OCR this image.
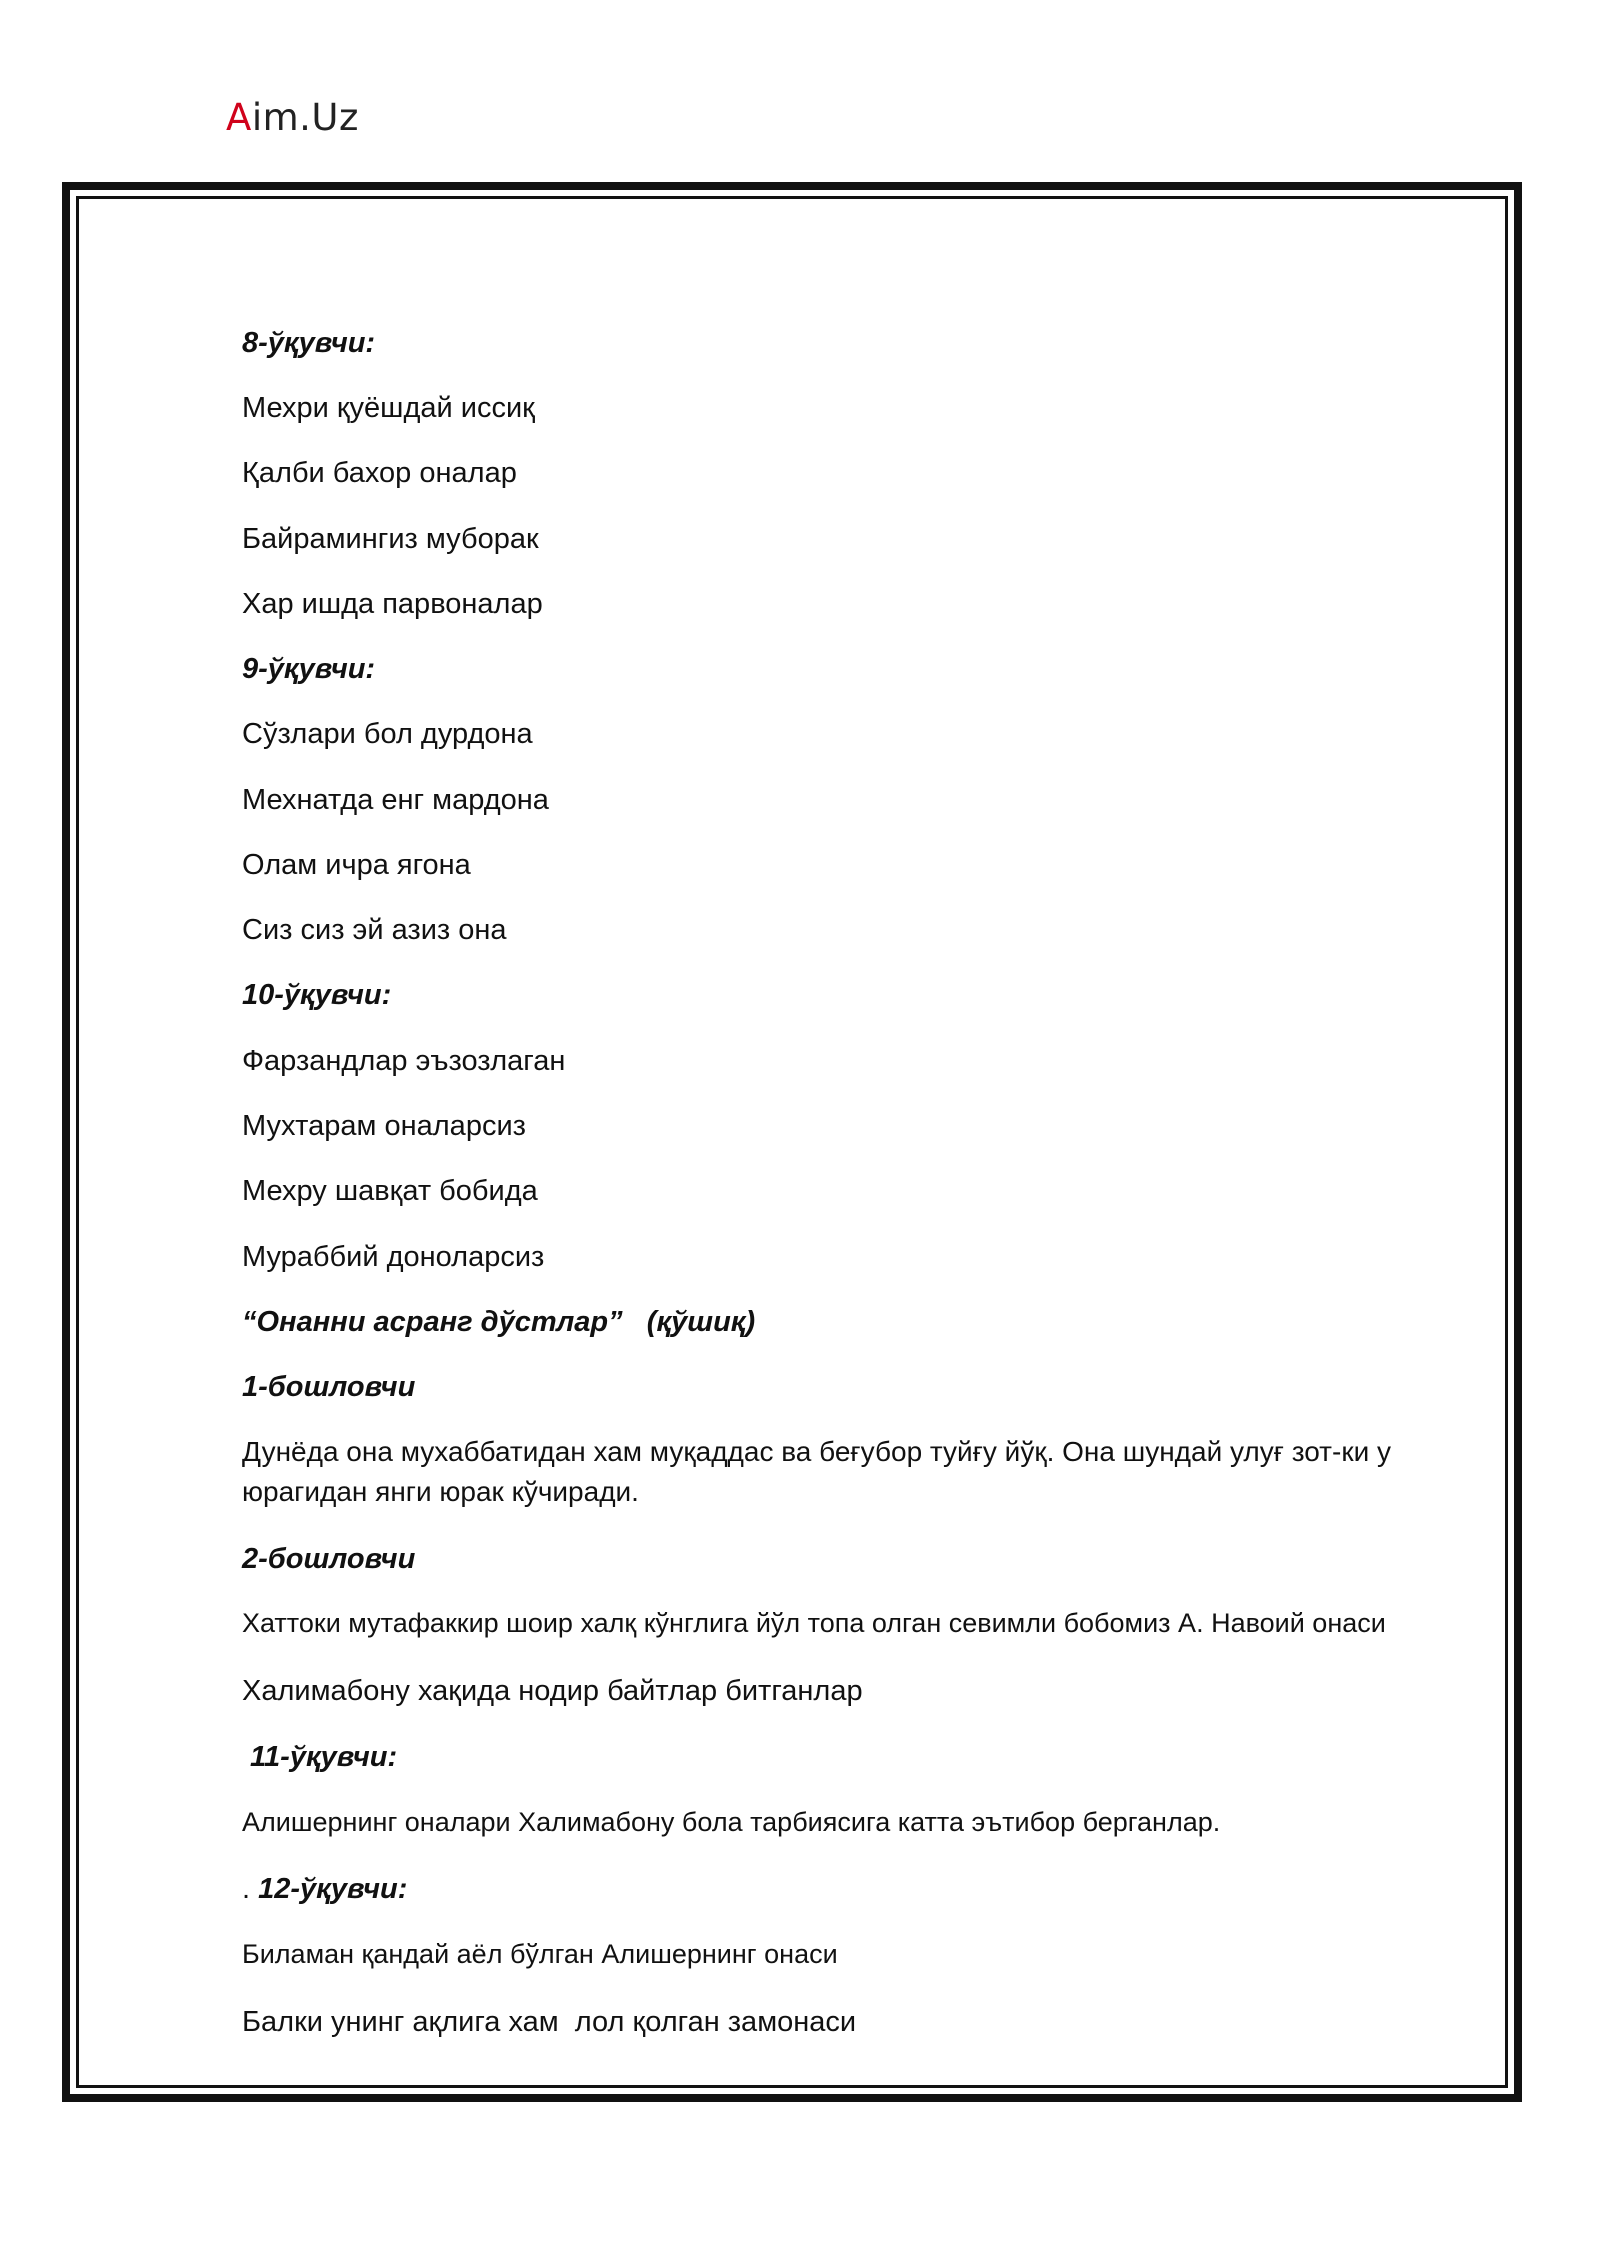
Aim.Uz
8-ўқувчи:
Мехри қуёшдай иссиқ
Қалби бахор оналар
Байрамингиз муборак
Хар ишда парвоналар
9-ўқувчи:
Сўзлари бол дурдона
Мехнатда енг мардона
Олам ичра ягона
Сиз сиз эй азиз она
10-ўқувчи:
Фарзандлар эъзозлаган
Мухтарам оналарсиз
Мехру шавқат бобида
Мураббий доноларсиз
“Онанни асранг дўстлар”   (қўшиқ)
1-бошловчи
Дунёда она мухаббатидан хам муқаддас ва беғубор туйғу йўқ. Она шундай улуғ зот-ки у юрагидан янги юрак кўчиради.
2-бошловчи
Хаттоки мутафаккир шоир халқ кўнглига йўл топа олган севимли бобомиз А. Навоий онаси
Халимабону хақида нодир байтлар битганлар
11-ўқувчи:
Алишернинг оналари Халимабону бола тарбиясига катта эътибор берганлар.
. 12-ўқувчи:
Биламан қандай аёл бўлган Алишернинг онаси
Балки унинг ақлига хам  лол қолган замонаси
